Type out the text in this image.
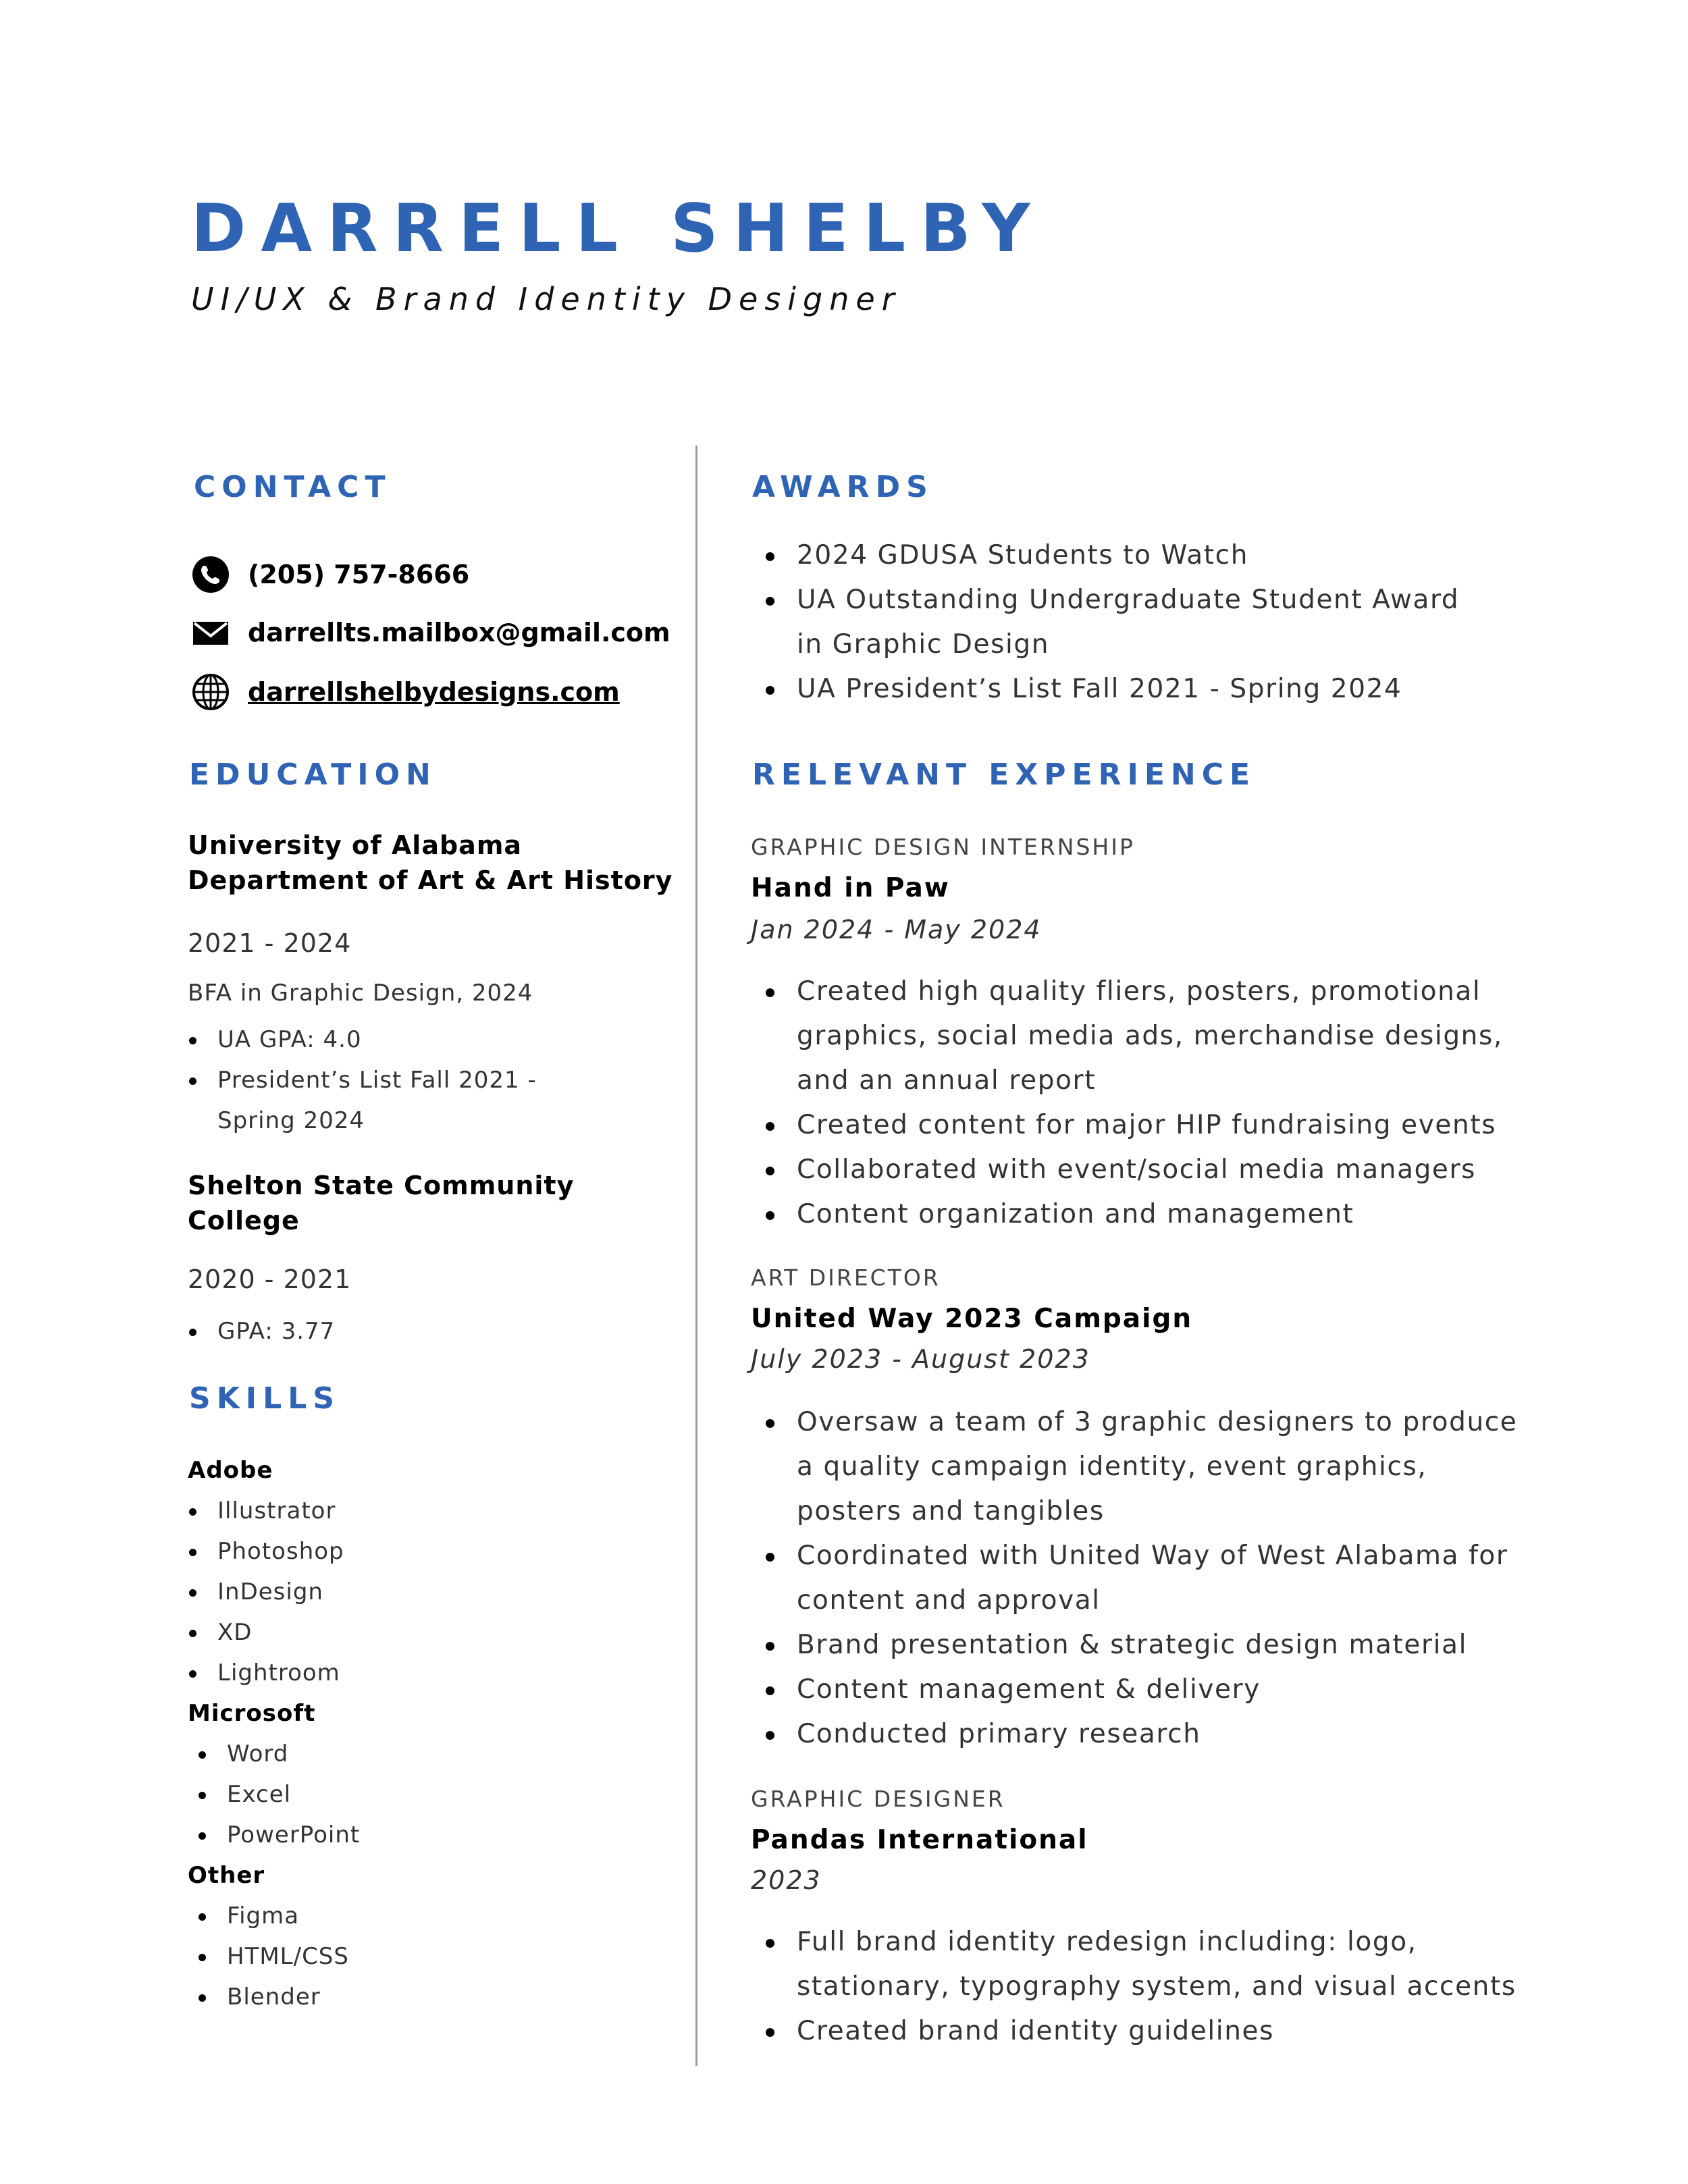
DARRELL SHELBY

UI/UX & Brand Identity Designer

CONTACT
(205) 757-8666
darrellts.mailbox@gmail.com
darrellshelbydesigns.com
EDUCATION

University of Alabama

Department of Art & Art History

2021 - 2024

BFA in Graphic Design, 2024

UA GPA: 4.0
President’s List Fall 2021 - Spring 2024

Shelton State Community

College

2020 - 2021

GPA: 3.77
SKILLS

Adobe

Illustrator
Photoshop
InDesign
XD
Lightroom

Microsoft

Word
Excel
PowerPoint

Other

Figma
HTML/CSS
Blender
AWARDS
2024 GDUSA Students to Watch
UA Outstanding Undergraduate Student Award in Graphic Design
UA President’s List Fall 2021 - Spring 2024
RELEVANT EXPERIENCE

GRAPHIC DESIGN INTERNSHIP

Hand in Paw

Jan 2024 - May 2024

Created high quality fliers, posters, promotional graphics, social media ads, merchandise designs, and an annual report
Created content for major HIP fundraising events
Collaborated with event/social media managers
Content organization and management

ART DIRECTOR

United Way 2023 Campaign

July 2023 - August 2023

Oversaw a team of 3 graphic designers to produce a quality campaign identity, event graphics, posters and tangibles
Coordinated with United Way of West Alabama for content and approval
Brand presentation & strategic design material
Content management & delivery
Conducted primary research

GRAPHIC DESIGNER

Pandas International

2023

Full brand identity redesign including: logo, stationary, typography system, and visual accents
Created brand identity guidelines
